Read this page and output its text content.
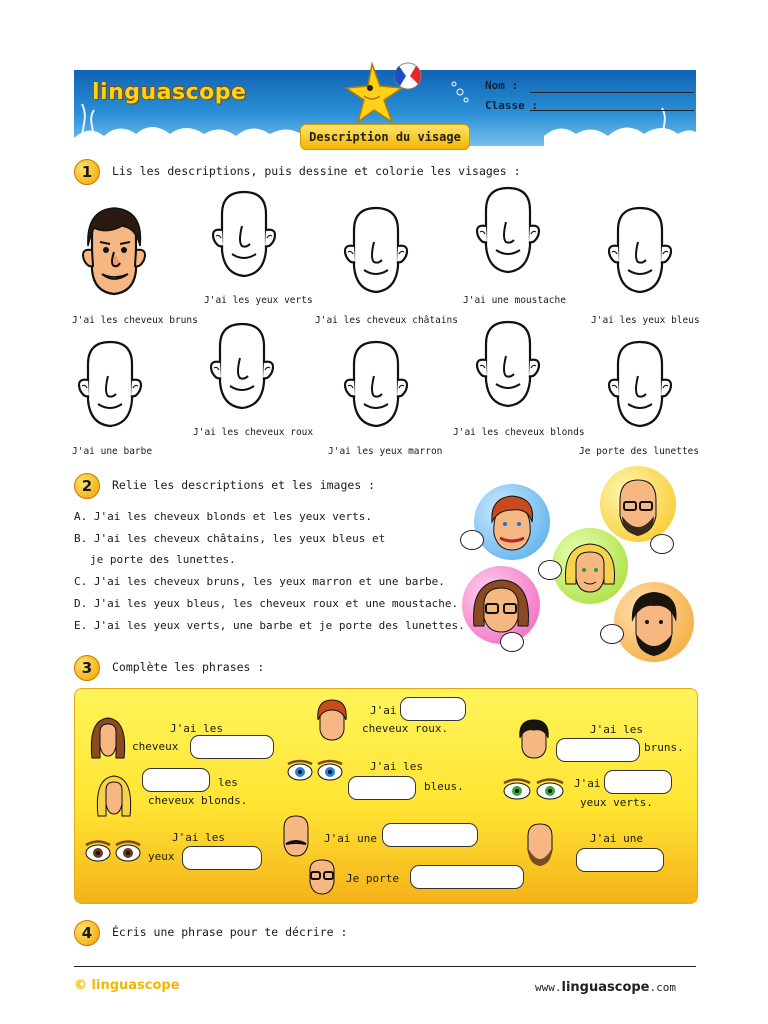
linguascope	Nom :
Classe :
Description du visage
1	Lis les descriptions, puis dessine et colorie les visages :
J'ai les cheveux bruns
J'ai les yeux verts
J'ai les cheveux châtains
J'ai une moustache
J'ai les yeux bleus
J'ai une barbe
J'ai les cheveux roux
J'ai les yeux marron
J'ai les cheveux blonds
Je porte des lunettes
2	Relie les descriptions et les images :
A. J'ai les cheveux blonds et les yeux verts.
B. J'ai les cheveux châtains, les yeux bleus et
je porte des lunettes.
C. J'ai les cheveux bruns, les yeux marron et une barbe.
D. J'ai les yeux bleus, les cheveux roux et une moustache.
E. J'ai les yeux verts, une barbe et je porte des lunettes.
3	Complète les phrases :
J'ai les
cheveux
J'ai
cheveux roux.	J'ai les
bruns.
les
cheveux blonds.
J'ai les
bleus.	J'ai
yeux verts.
J'ai les
yeux
J'ai une	J'ai une
Je porte
4	Écris une phrase pour te décrire :
© linguascope	www.linguascope.com
